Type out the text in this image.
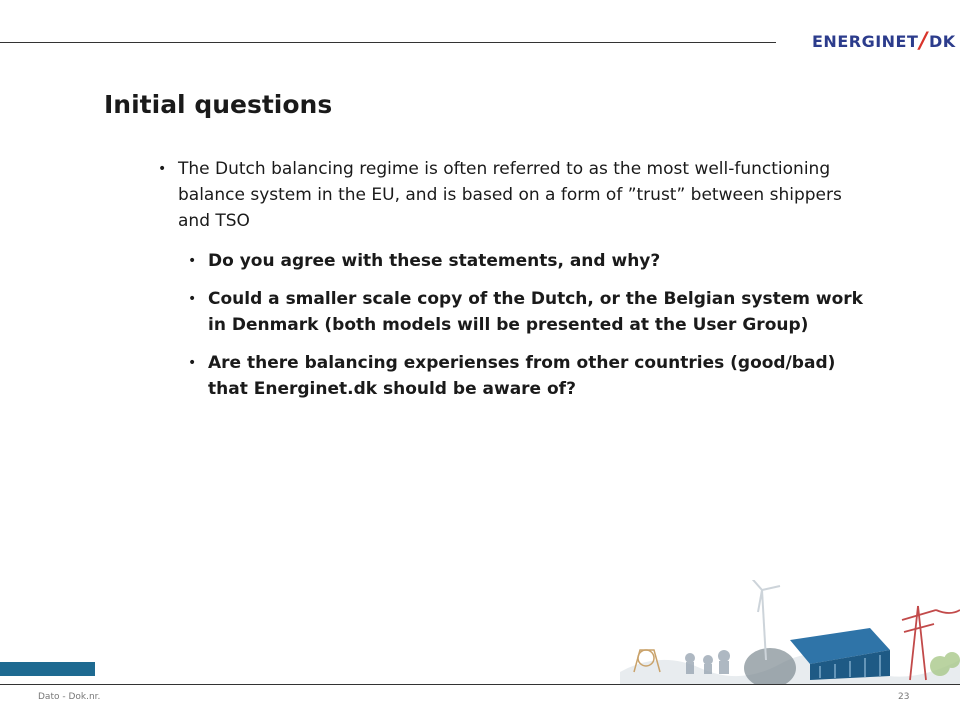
ENERGINET / DK
Initial questions
• The Dutch balancing regime is often referred to as the most well-functioning balance system in the EU, and is based on a form of ”trust” between shippers and TSO
• Do you agree with these statements, and why?
• Could a smaller scale copy of the Dutch, or the Belgian system work in Denmark (both models will be presented at the User Group)
• Are there balancing experienses from other countries (good/bad) that Energinet.dk should be aware of?
Dato - Dok.nr.	23
